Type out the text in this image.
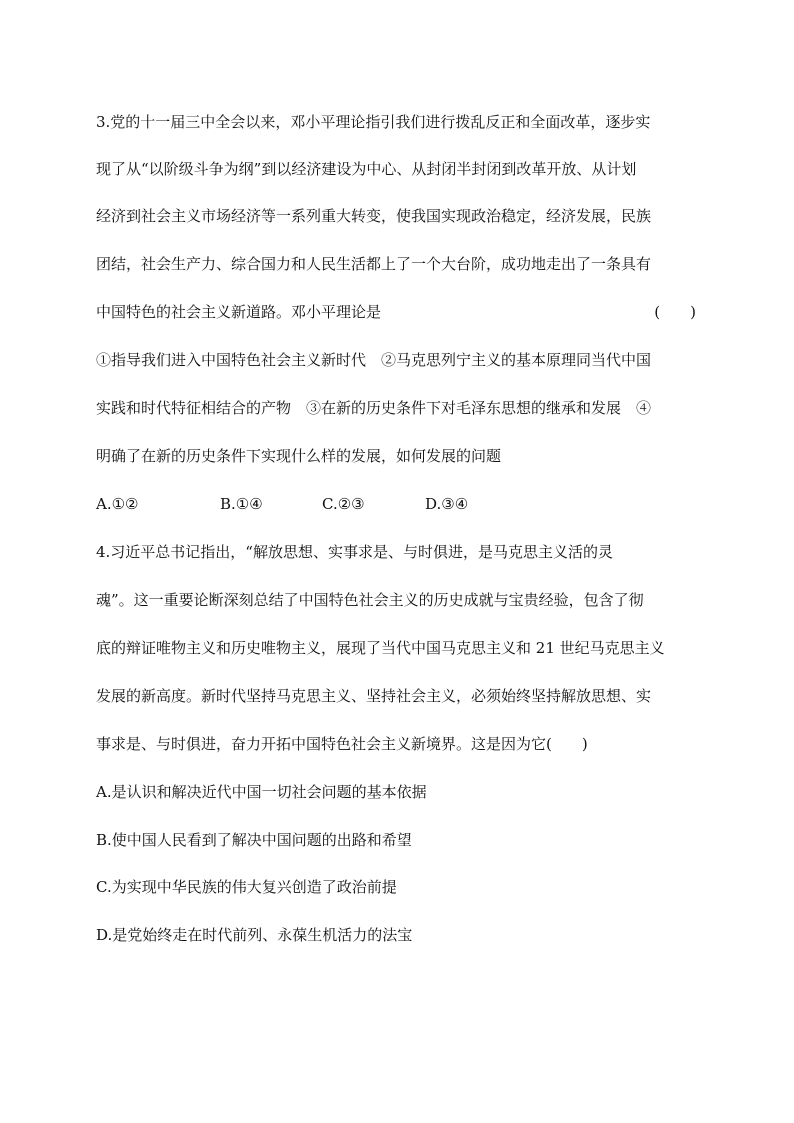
3.党的十一届三中全会以来，邓小平理论指引我们进行拨乱反正和全面改革，逐步实
现了从“以阶级斗争为纲”到以经济建设为中心、从封闭半封闭到改革开放、从计划
经济到社会主义市场经济等一系列重大转变，使我国实现政治稳定，经济发展，民族
团结，社会生产力、综合国力和人民生活都上了一个大台阶，成功地走出了一条具有
中国特色的社会主义新道路。邓小平理论是	(　　)
①指导我们进入中国特色社会主义新时代　②马克思列宁主义的基本原理同当代中国
实践和时代特征相结合的产物　③在新的历史条件下对毛泽东思想的继承和发展　④
明确了在新的历史条件下实现什么样的发展，如何发展的问题
A.①②	B.①④	C.②③	D.③④
4.习近平总书记指出，“解放思想、实事求是、与时俱进，是马克思主义活的灵
魂”。这一重要论断深刻总结了中国特色社会主义的历史成就与宝贵经验，包含了彻
底的辩证唯物主义和历史唯物主义，展现了当代中国马克思主义和 21 世纪马克思主义
发展的新高度。新时代坚持马克思主义、坚持社会主义，必须始终坚持解放思想、实
事求是、与时俱进，奋力开拓中国特色社会主义新境界。这是因为它(　　)
A.是认识和解决近代中国一切社会问题的基本依据
B.使中国人民看到了解决中国问题的出路和希望
C.为实现中华民族的伟大复兴创造了政治前提
D.是党始终走在时代前列、永葆生机活力的法宝
